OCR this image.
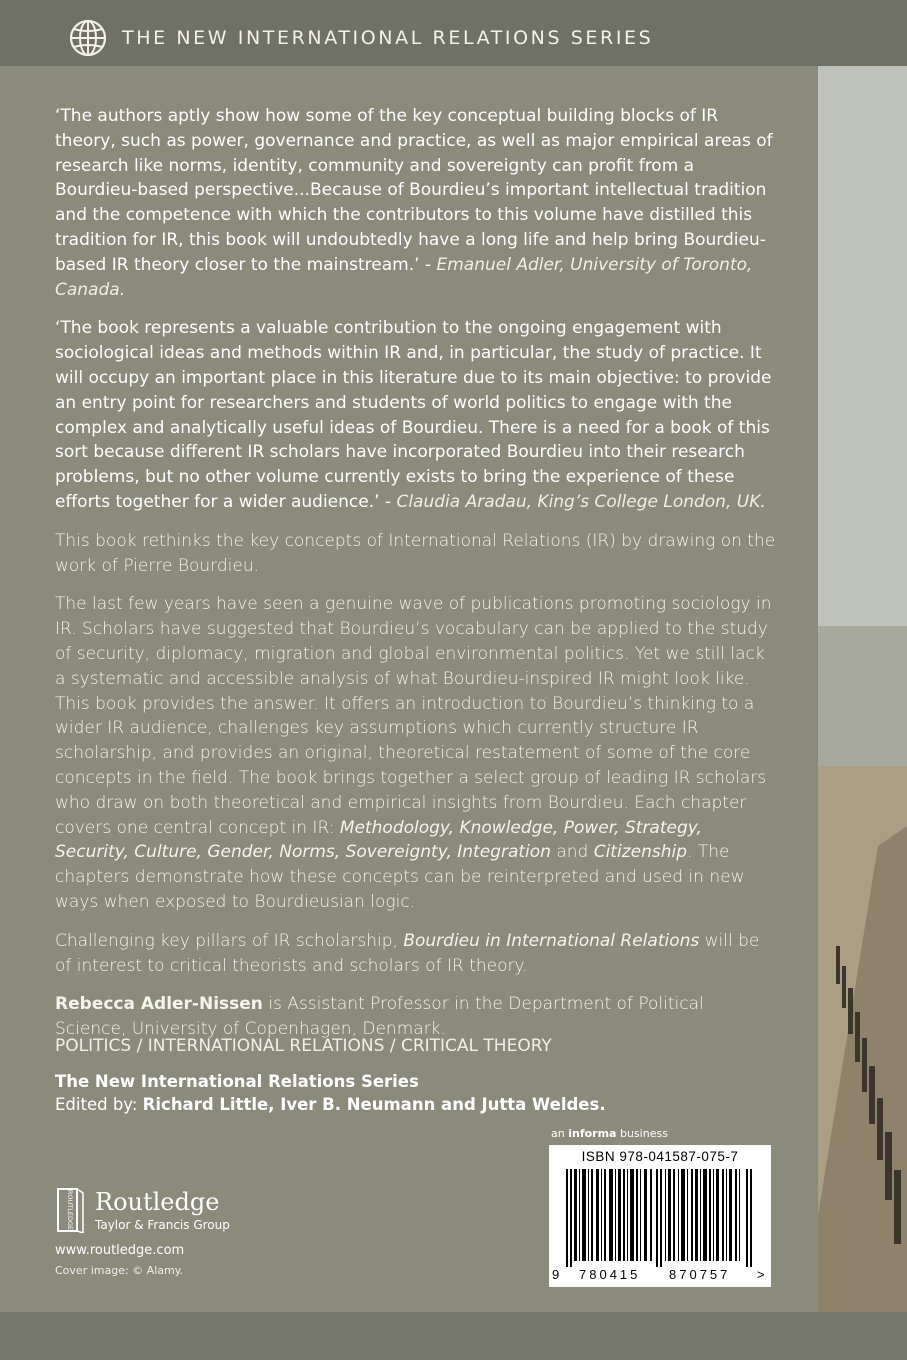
THE NEW INTERNATIONAL RELATIONS SERIES

‘The authors aptly show how some of the key conceptual building blocks of IR theory, such as power, governance and practice, as well as major empirical areas of research like norms, identity, community and sovereignty can profit from a Bourdieu-based perspective...Because of Bourdieu’s important intellectual tradition and the competence with which the contributors to this volume have distilled this tradition for IR, this book will undoubtedly have a long life and help bring Bourdieu-based IR theory closer to the mainstream.’ - Emanuel Adler, University of Toronto, Canada.

‘The book represents a valuable contribution to the ongoing engagement with sociological ideas and methods within IR and, in particular, the study of practice. It will occupy an important place in this literature due to its main objective: to provide an entry point for researchers and students of world politics to engage with the complex and analytically useful ideas of Bourdieu. There is a need for a book of this sort because different IR scholars have incorporated Bourdieu into their research problems, but no other volume currently exists to bring the experience of these efforts together for a wider audience.’ - Claudia Aradau, King’s College London, UK.

This book rethinks the key concepts of International Relations (IR) by drawing on the work of Pierre Bourdieu.

The last few years have seen a genuine wave of publications promoting sociology in IR. Scholars have suggested that Bourdieu’s vocabulary can be applied to the study of security, diplomacy, migration and global environmental politics. Yet we still lack a systematic and accessible analysis of what Bourdieu-inspired IR might look like. This book provides the answer. It offers an introduction to Bourdieu’s thinking to a wider IR audience, challenges key assumptions which currently structure IR scholarship, and provides an original, theoretical restatement of some of the core concepts in the field. The book brings together a select group of leading IR scholars who draw on both theoretical and empirical insights from Bourdieu. Each chapter covers one central concept in IR: Methodology, Knowledge, Power, Strategy, Security, Culture, Gender, Norms, Sovereignty, Integration and Citizenship. The chapters demonstrate how these concepts can be reinterpreted and used in new ways when exposed to Bourdieusian logic.

Challenging key pillars of IR scholarship, Bourdieu in International Relations will be of interest to critical theorists and scholars of IR theory.

Rebecca Adler-Nissen is Assistant Professor in the Department of Political Science, University of Copenhagen, Denmark.

POLITICS / INTERNATIONAL RELATIONS / CRITICAL THEORY
The New International Relations Series
Edited by: Richard Little, Iver B. Neumann and Jutta Weldes.
an informa business
ISBN 978-041587-075-7
9 780415 870757 >
ROUTLEDGE Routledge
Taylor & Francis Group
www.routledge.com
Cover image: © Alamy.
